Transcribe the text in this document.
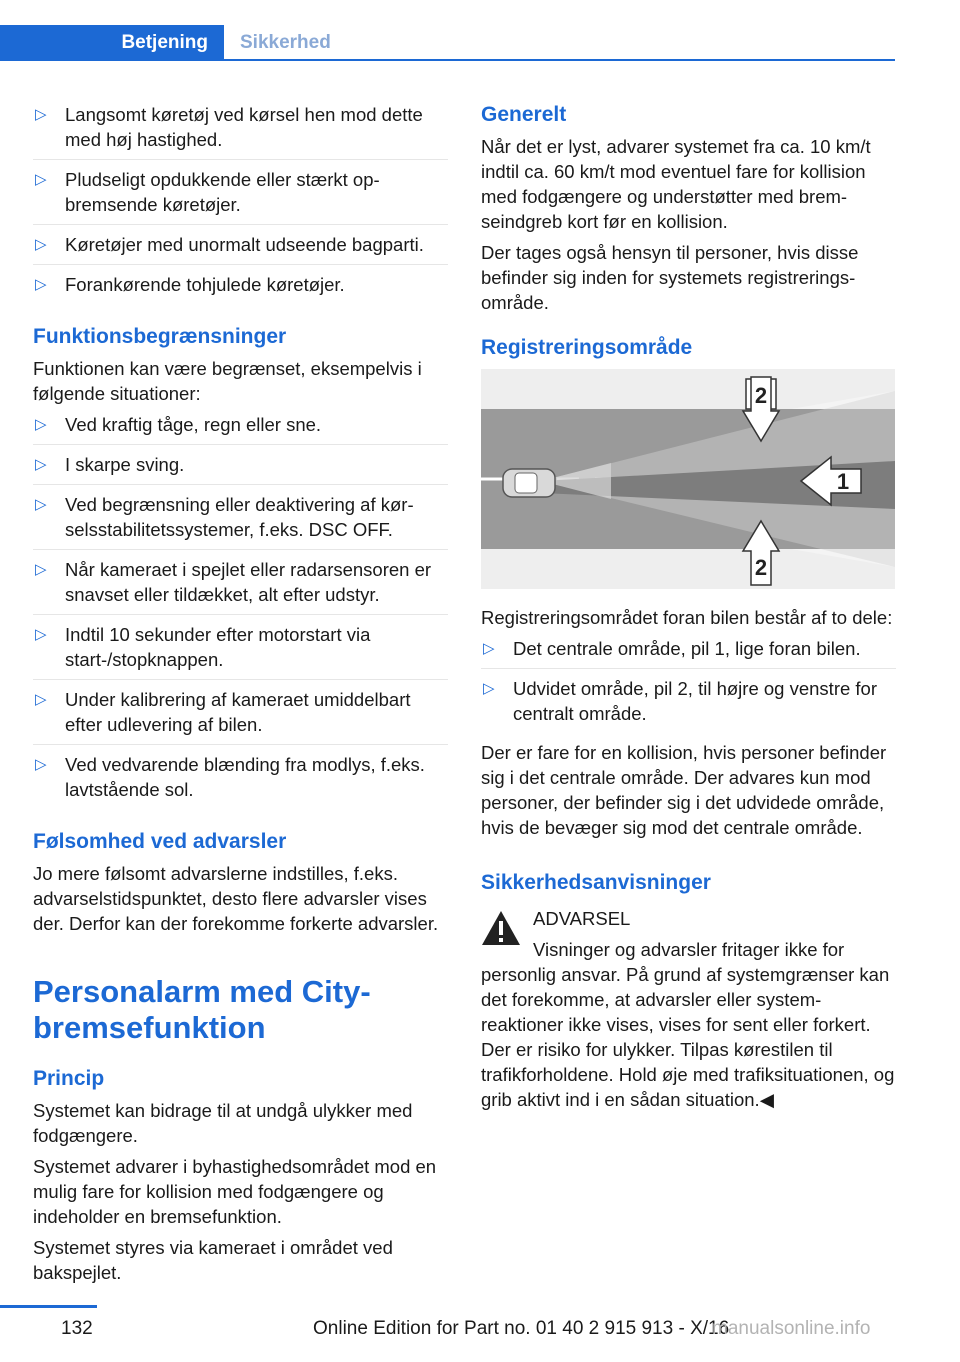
Betjening Sikkerhed
▷ Langsomt køretøj ved kørsel hen mod dette med høj hastighed.
▷ Pludseligt opdukkende eller stærkt opbremsende køretøjer.
▷ Køretøjer med unormalt udseende bagparti.
▷ Forankørende tohjulede køretøjer.
Funktionsbegrænsninger

Funktionen kan være begrænset, eksempelvis i følgende situationer:

▷ Ved kraftig tåge, regn eller sne.
▷ I skarpe sving.
▷ Ved begrænsning eller deaktivering af kørselsstabilitetssystemer, f.eks. DSC OFF.
▷ Når kameraet i spejlet eller radarsensoren er snavset eller tildækket, alt efter udstyr.
▷ Indtil 10 sekunder efter motorstart via start-/stopknappen.
▷ Under kalibrering af kameraet umiddelbart efter udlevering af bilen.
▷ Ved vedvarende blænding fra modlys, f.eks. lavtstående sol.
Følsomhed ved advarsler

Jo mere følsomt advarslerne indstilles, f.eks. advarselstidspunktet, desto flere advarsler vises der. Derfor kan der forekomme forkerte advarsler.

Personalarm med City-bremsefunktion
Princip

Systemet kan bidrage til at undgå ulykker med fodgængere.

Systemet advarer i byhastighedsområdet mod en mulig fare for kollision med fodgængere og indeholder en bremsefunktion.

Systemet styres via kameraet i området ved bakspejlet.

Generelt

Når det er lyst, advarer systemet fra ca. 10 km/t indtil ca. 60 km/t mod eventuel fare for kollision med fodgængere og understøtter med bremseindgreb kort før en kollision.

Der tages også hensyn til personer, hvis disse befinder sig inden for systemets registreringsområde.

Registreringsområde
2
1
2

Registreringsområdet foran bilen består af to dele:

▷ Det centrale område, pil 1, lige foran bilen.
▷ Udvidet område, pil 2, til højre og venstre for centralt område.

Der er fare for en kollision, hvis personer befinder sig i det centrale område. Der advares kun mod personer, der befinder sig i det udvidede område, hvis de bevæger sig mod det centrale område.

Sikkerhedsanvisninger
ADVARSEL
Visninger og advarsler fritager ikke for personlig ansvar. På grund af systemgrænser kan det forekomme, at advarsler eller systemreaktioner ikke vises, vises for sent eller forkert. Der er risiko for ulykker. Tilpas kørestilen til trafikforholdene. Hold øje med trafiksituationen, og grib aktivt ind i en sådan situation.◀
132	Online Edition for Part no. 01 40 2 915 913 - X/16
manualsonline.info
